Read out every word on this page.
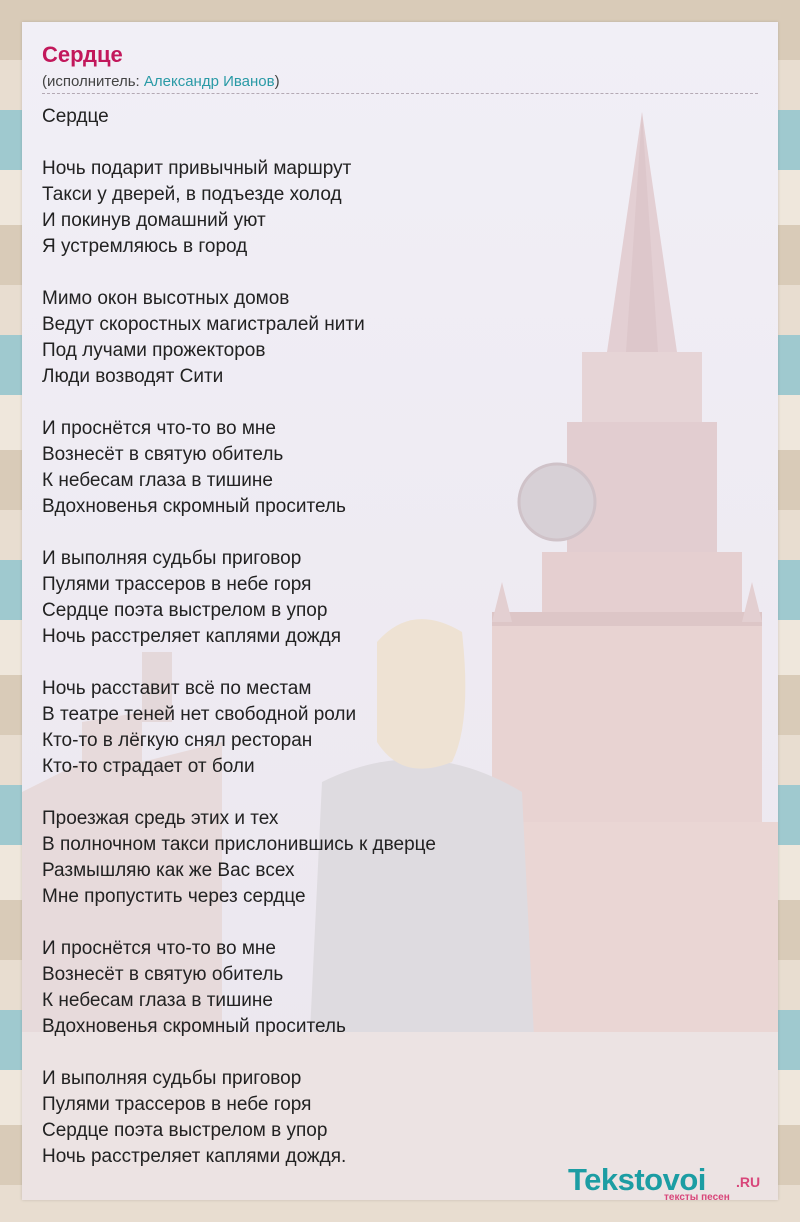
Сердце
(исполнитель: Александр Иванов)
Сердце
Ночь подарит привычный маршрут
Такси у дверей, в подъезде холод
И покинув домашний уют
Я устремляюсь в город
Мимо окон высотных домов
Ведут скоростных магистралей нити
Под лучами прожекторов
Люди возводят Сити
И проснётся что-то во мне
Вознесёт в святую обитель
К небесам глаза в тишине
Вдохновенья скромный проситель
И выполняя судьбы приговор
Пулями трассеров в небе горя
Сердце поэта выстрелом в упор
Ночь расстреляет каплями дождя
Ночь расставит всё по местам
В театре теней нет свободной роли
Кто-то в лёгкую снял ресторан
Кто-то страдает от боли
Проезжая средь этих и тех
В полночном такси прислонившись к дверце
Размышляю как же Вас всех
Мне пропустить через сердце
И проснётся что-то во мне
Вознесёт в святую обитель
К небесам глаза в тишине
Вдохновенья скромный проситель
И выполняя судьбы приговор
Пулями трассеров в небе горя
Сердце поэта выстрелом в упор
Ночь расстреляет каплями дождя.
Tekstovoi .RU
тексты песен
